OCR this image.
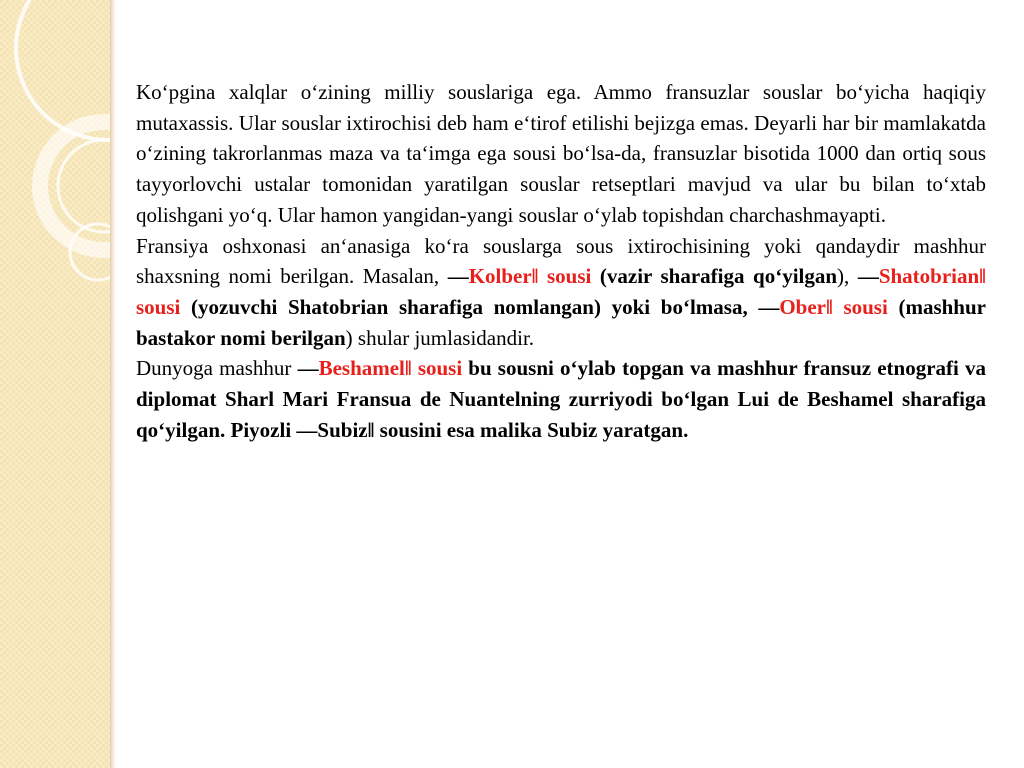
Ko‘pgina xalqlar o‘zining milliy souslariga ega. Ammo fransuzlar souslar bo‘yicha haqiqiy mutaxassis. Ular souslar ixtirochisi deb ham e‘tirof etilishi bejizga emas. Deyarli har bir mamlakatda o‘zining takrorlanmas maza va ta‘imga ega sousi bo‘lsa-da, fransuzlar bisotida 1000 dan ortiq sous tayyorlovchi ustalar tomonidan yaratilgan souslar retseptlari mavjud va ular bu bilan to‘xtab qolishgani yo‘q. Ular hamon yangidan-yangi souslar o‘ylab topishdan charchashmayapti.

Fransiya oshxonasi an‘anasiga ko‘ra souslarga sous ixtirochisining yoki qandaydir mashhur shaxsning nomi berilgan. Masalan, ―Kolber‖ sousi (vazir sharafiga qo‘yilgan), ―Shatobrian‖ sousi (yozuvchi Shatobrian sharafiga nomlangan) yoki bo‘lmasa, ―Ober‖ sousi (mashhur bastakor nomi berilgan) shular jumlasidandir.

Dunyoga mashhur ―Beshamel‖ sousi bu sousni o‘ylab topgan va mashhur fransuz etnografi va diplomat Sharl Mari Fransua de Nuantelning zurriyodi bo‘lgan Lui de Beshamel sharafiga qo‘yilgan. Piyozli ―Subiz‖ sousini esa malika Subiz yaratgan.
